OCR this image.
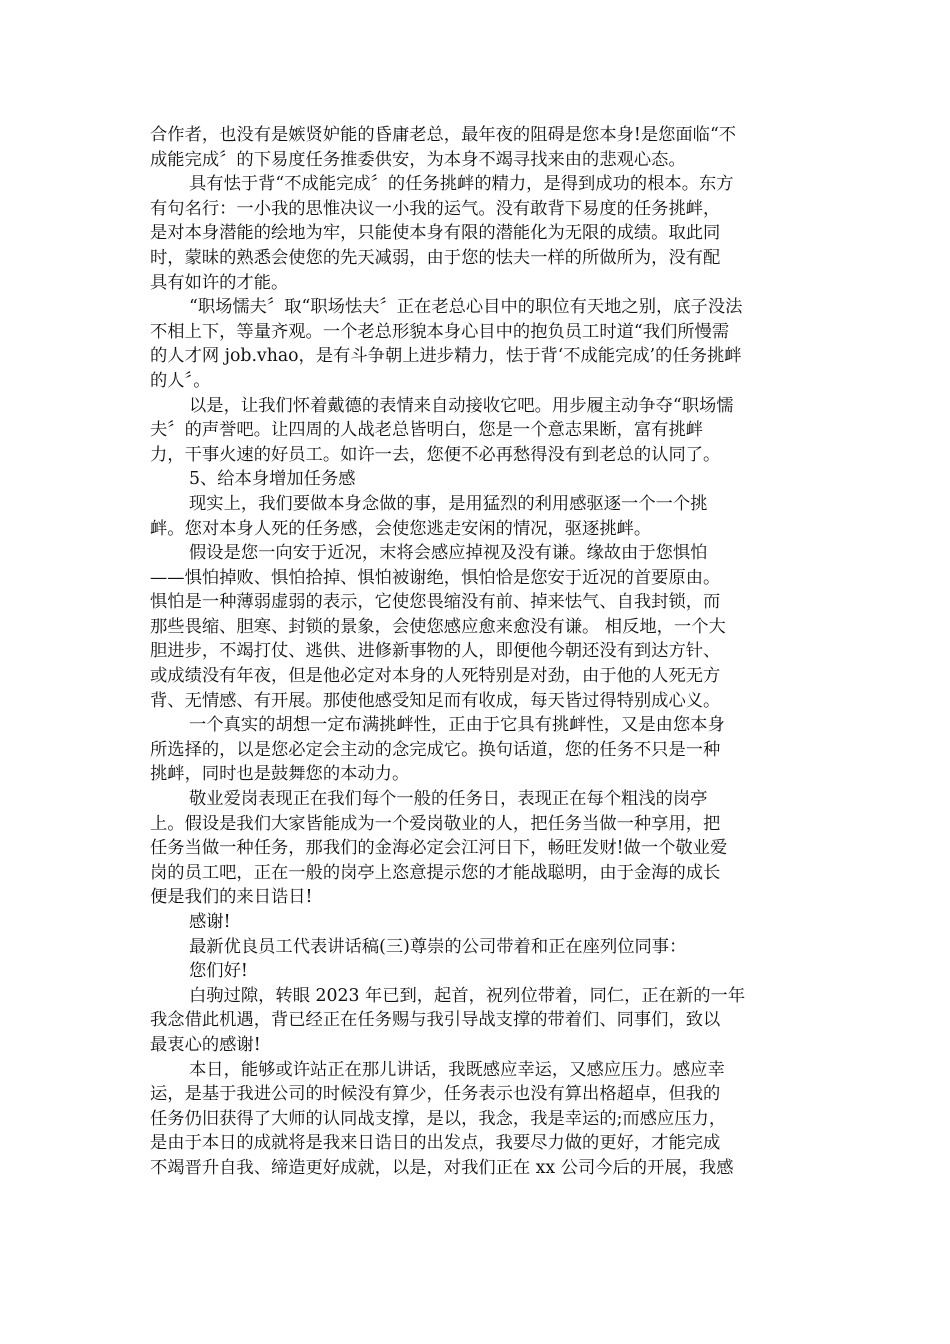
合作者，也没有是嫉贤妒能的昏庸老总，最年夜的阻碍是您本身!是您面临“不
成能完成〞的下易度任务推委供安，为本身不竭寻找来由的悲观心态。
具有怯于背“不成能完成〞的任务挑衅的精力，是得到成功的根本。东方
有句名行：一小我的思惟决议一小我的运气。没有敢背下易度的任务挑衅，
是对本身潜能的绘地为牢，只能使本身有限的潜能化为无限的成绩。取此同
时，蒙昧的熟悉会使您的先天减弱，由于您的怯夫一样的所做所为，没有配
具有如许的才能。
“职场懦夫〞取“职场怯夫〞正在老总心目中的职位有天地之别，底子没法
不相上下，等量齐观。一个老总形貌本身心目中的抱负员工时道“我们所慢需
的人才网 job.vhao，是有斗争朝上进步精力，怯于背‘不成能完成’的任务挑衅
的人〞。
以是，让我们怀着戴德的表情来自动接收它吧。用步履主动争夺“职场懦
夫〞的声誉吧。让四周的人战老总皆明白，您是一个意志果断，富有挑衅
力，干事火速的好员工。如许一去，您便不必再愁得没有到老总的认同了。
5、给本身增加任务感
现实上，我们要做本身念做的事，是用猛烈的利用感驱逐一个一个挑
衅。您对本身人死的任务感，会使您逃走安闲的情况，驱逐挑衅。
假设是您一向安于近况，末将会感应掉视及没有谦。缘故由于您惧怕
——惧怕掉败、惧怕拾掉、惧怕被谢绝，惧怕恰是您安于近况的首要原由。
惧怕是一种薄弱虚弱的表示，它使您畏缩没有前、掉来怯气、自我封锁，而
那些畏缩、胆寒、封锁的景象，会使您感应愈来愈没有谦。 相反地，一个大
胆进步，不竭打仗、逃供、进修新事物的人，即便他今朝还没有到达方针、
或成绩没有年夜，但是他必定对本身的人死特别是对劲，由于他的人死无方
背、无情感、有开展。那使他感受知足而有收成，每天皆过得特别成心义。
一个真实的胡想一定布满挑衅性，正由于它具有挑衅性，又是由您本身
所选择的，以是您必定会主动的念完成它。换句话道，您的任务不只是一种
挑衅，同时也是鼓舞您的本动力。
敬业爱岗表现正在我们每个一般的任务日，表现正在每个粗浅的岗亭
上。假设是我们大家皆能成为一个爱岗敬业的人，把任务当做一种享用，把
任务当做一种任务，那我们的金海必定会江河日下，畅旺发财!做一个敬业爱
岗的员工吧，正在一般的岗亭上恣意提示您的才能战聪明，由于金海的成长
便是我们的来日诰日!
感谢!
最新优良员工代表讲话稿(三)尊崇的公司带着和正在座列位同事：
您们好!
白驹过隙，转眼 2023 年已到，起首，祝列位带着，同仁，正在新的一年
我念借此机遇，背已经正在任务赐与我引导战支撑的带着们、同事们，致以
最衷心的感谢!
本日，能够或许站正在那儿讲话，我既感应幸运，又感应压力。感应幸
运，是基于我进公司的时候没有算少，任务表示也没有算出格超卓，但我的
任务仍旧获得了大师的认同战支撑，是以，我念，我是幸运的;而感应压力，
是由于本日的成就将是我来日诰日的出发点，我要尽力做的更好，才能完成
不竭晋升自我、缔造更好成就，以是，对我们正在 xx 公司今后的开展，我感
